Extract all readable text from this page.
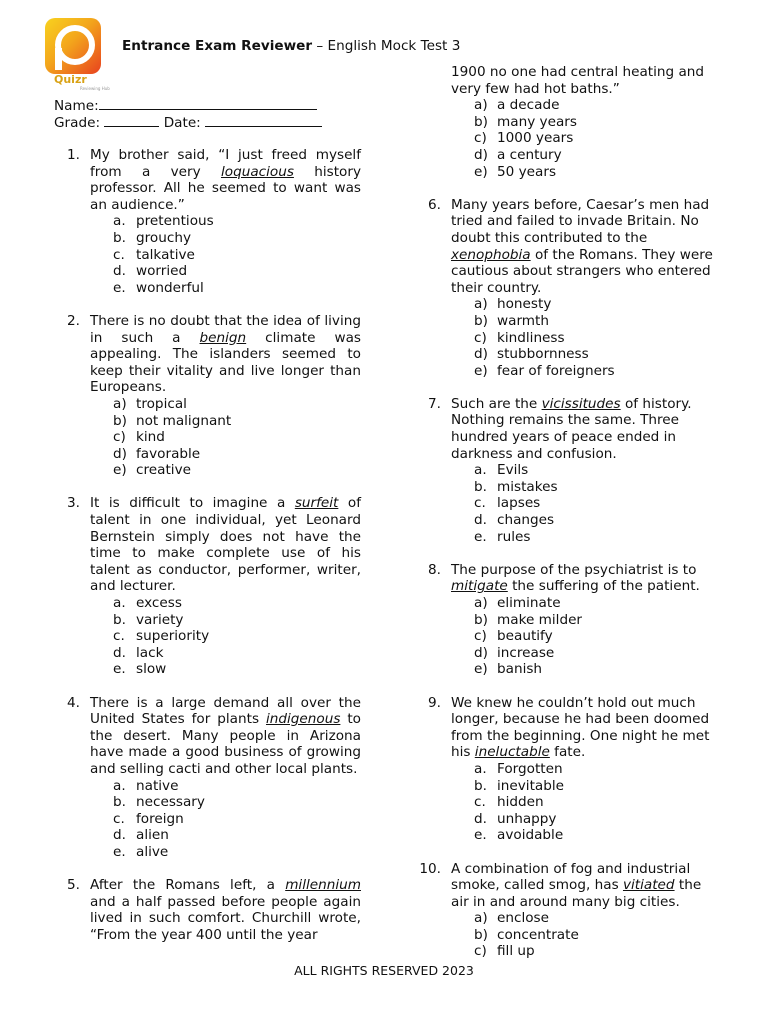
Quizr
Reviewing Hub
Entrance Exam Reviewer – English Mock Test 3
Name:
Grade:	Date:
1. My brother said, “I just freed myself from a very loquacious history professor. All he seemed to want was an audience.”
a. pretentious
b. grouchy
c. talkative
d. worried
e. wonderful
2. There is no doubt that the idea of living in such a benign climate was appealing. The islanders seemed to keep their vitality and live longer than Europeans.
a) tropical
b) not malignant
c) kind
d) favorable
e) creative
3. It is difficult to imagine a surfeit of talent in one individual, yet Leonard Bernstein simply does not have the time to make complete use of his talent as conductor, performer, writer, and lecturer.
a. excess
b. variety
c. superiority
d. lack
e. slow
4. There is a large demand all over the United States for plants indigenous to the desert. Many people in Arizona have made a good business of growing and selling cacti and other local plants.
a. native
b. necessary
c. foreign
d. alien
e. alive
5. After the Romans left, a millennium and a half passed before people again lived in such comfort. Churchill wrote, “From the year 400 until the year
1900 no one had central heating and very few had hot baths.”
a) a decade
b) many years
c) 1000 years
d) a century
e) 50 years
6. Many years before, Caesar’s men had tried and failed to invade Britain. No doubt this contributed to the xenophobia of the Romans. They were cautious about strangers who entered their country.
a) honesty
b) warmth
c) kindliness
d) stubbornness
e) fear of foreigners
7. Such are the vicissitudes of history. Nothing remains the same. Three hundred years of peace ended in darkness and confusion.
a. Evils
b. mistakes
c. lapses
d. changes
e. rules
8. The purpose of the psychiatrist is to mitigate the suffering of the patient.
a) eliminate
b) make milder
c) beautify
d) increase
e) banish
9. We knew he couldn’t hold out much longer, because he had been doomed from the beginning. One night he met his ineluctable fate.
a. Forgotten
b. inevitable
c. hidden
d. unhappy
e. avoidable
10. A combination of fog and industrial smoke, called smog, has vitiated the air in and around many big cities.
a) enclose
b) concentrate
c) fill up
ALL RIGHTS RESERVED 2023
